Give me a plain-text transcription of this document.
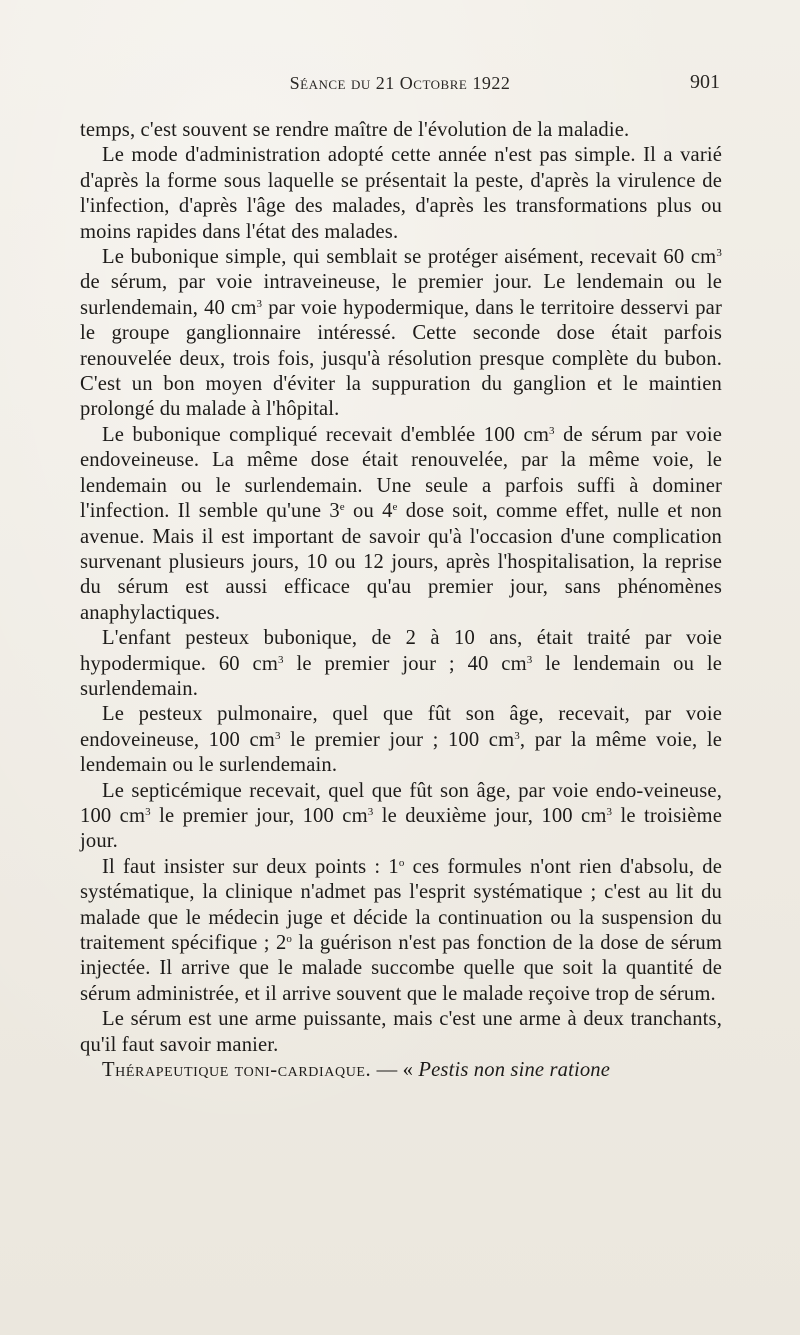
Séance du 21 Octobre 1922	901

temps, c'est souvent se rendre maître de l'évolution de la maladie.

Le mode d'administration adopté cette année n'est pas simple. Il a varié d'après la forme sous laquelle se présentait la peste, d'après la virulence de l'infection, d'après l'âge des malades, d'après les transformations plus ou moins rapides dans l'état des malades.

Le bubonique simple, qui semblait se protéger aisément, recevait 60 $cm^3$ de sérum, par voie intraveineuse, le premier jour. Le lendemain ou le surlendemain, 40 $cm^3$ par voie hypodermique, dans le territoire desservi par le groupe ganglionnaire intéressé. Cette seconde dose était parfois renouvelée deux, trois fois, jusqu'à résolution presque complète du bubon. C'est un bon moyen d'éviter la suppuration du ganglion et le maintien prolongé du malade à l'hôpital.

Le bubonique compliqué recevait d'emblée 100 $cm^3$ de sérum par voie endoveineuse. La même dose était renouvelée, par la même voie, le lendemain ou le surlendemain. Une seule a parfois suffi à dominer l'infection. Il semble qu'une 3e ou 4e dose soit, comme effet, nulle et non avenue. Mais il est important de savoir qu'à l'occasion d'une complication survenant plusieurs jours, 10 ou 12 jours, après l'hospitalisation, la reprise du sérum est aussi efficace qu'au premier jour, sans phénomènes anaphylactiques.

L'enfant pesteux bubonique, de 2 à 10 ans, était traité par voie hypodermique. 60 $cm^3$ le premier jour ; 40 $cm^3$ le lendemain ou le surlendemain.

Le pesteux pulmonaire, quel que fût son âge, recevait, par voie endoveineuse, 100 $cm^3$ le premier jour ; 100 $cm^3$, par la même voie, le lendemain ou le surlendemain.

Le septicémique recevait, quel que fût son âge, par voie endo-veineuse, 100 $cm^3$ le premier jour, 100 $cm^3$ le deuxième jour, 100 $cm^3$ le troisième jour.

Il faut insister sur deux points : 1$^o$ ces formules n'ont rien d'absolu, de systématique, la clinique n'admet pas l'esprit systématique ; c'est au lit du malade que le médecin juge et décide la continuation ou la suspension du traitement spécifique ; 2$^o$ la guérison n'est pas fonction de la dose de sérum injectée. Il arrive que le malade succombe quelle que soit la quantité de sérum administrée, et il arrive souvent que le malade reçoive trop de sérum.

Le sérum est une arme puissante, mais c'est une arme à deux tranchants, qu'il faut savoir manier.

Thérapeutique toni-cardiaque. — « Pestis non sine ratione
